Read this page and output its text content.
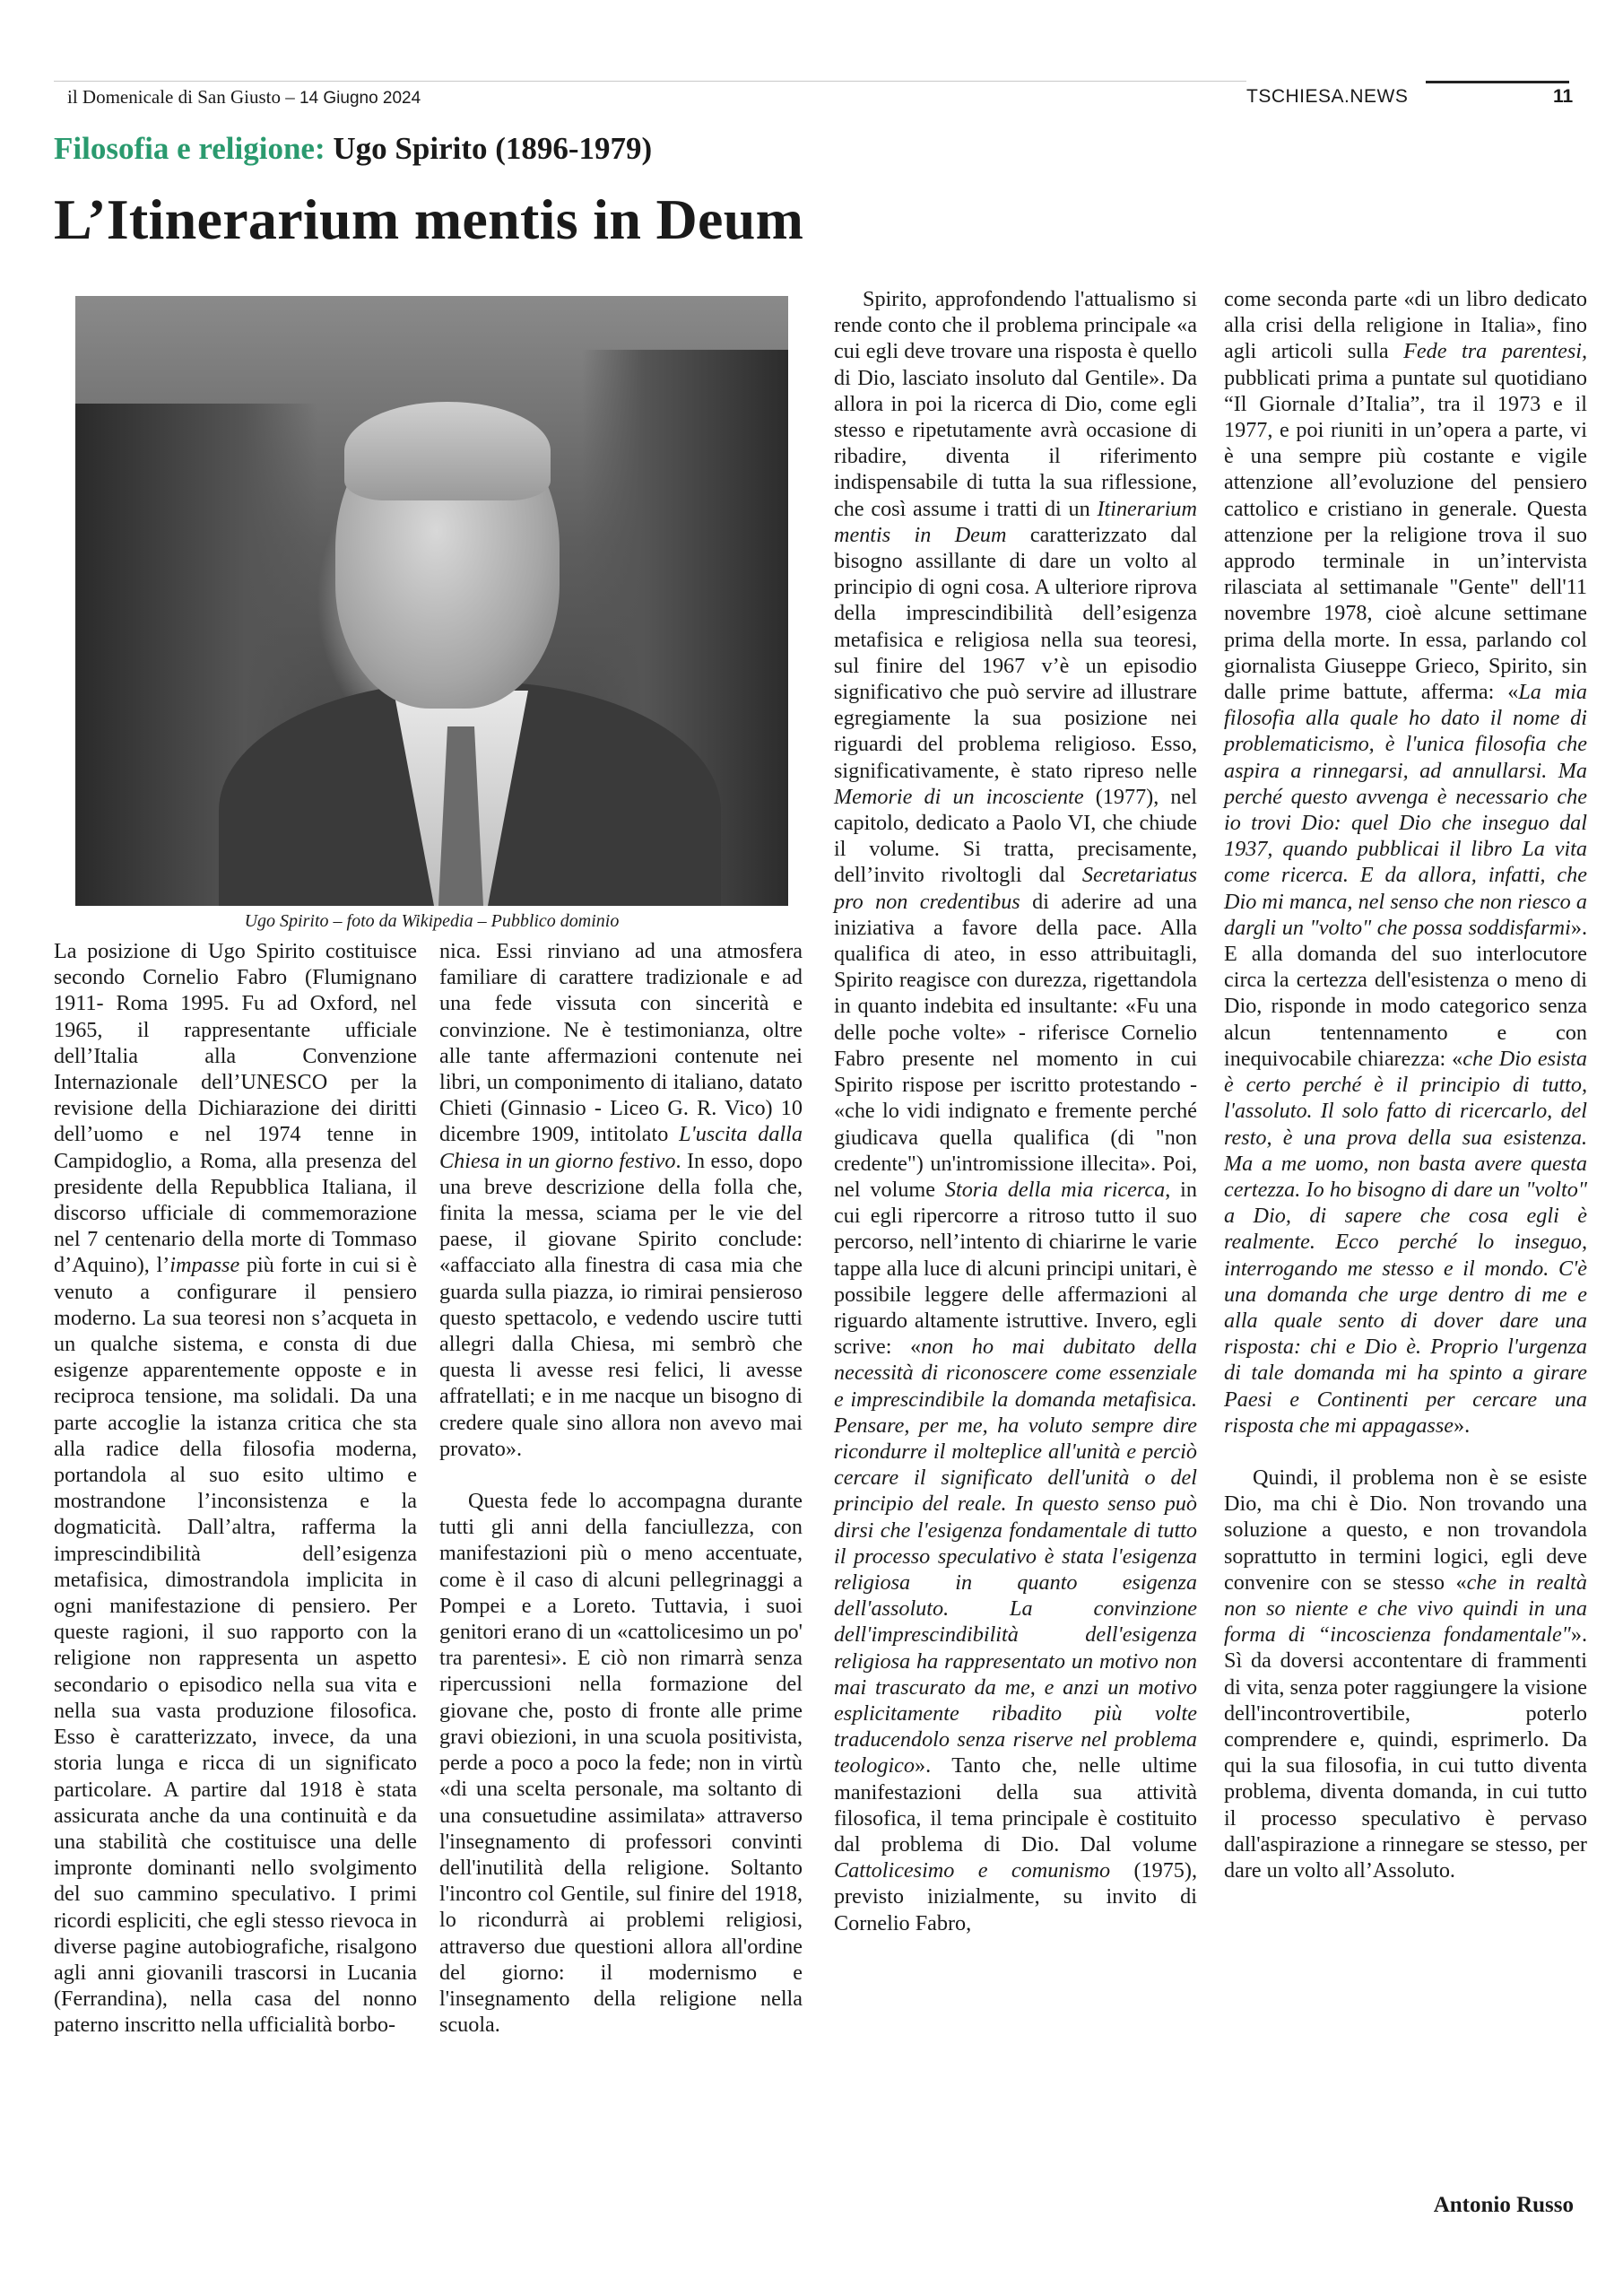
il Domenicale di San Giusto – 14 Giugno 2024	TSCHIESA.NEWS	11
Filosofia e religione: Ugo Spirito (1896-1979)
L’Itinerarium mentis in Deum
Ugo Spirito – foto da Wikipedia – Pubblico dominio

La posizione di Ugo Spirito costituisce secondo Cornelio Fabro (Flumignano 1911- Roma 1995. Fu ad Oxford, nel 1965, il rappresentante ufficiale dell’Italia alla Convenzione Internazionale dell’UNESCO per la revisione della Dichiarazione dei diritti dell’uomo e nel 1974 tenne in Campidoglio, a Roma, alla presenza del presidente della Repubblica Italiana, il discorso ufficiale di commemorazione nel 7 centenario della morte di Tommaso d’Aquino), l’impasse più forte in cui si è venuto a configurare il pensiero moderno. La sua teoresi non s’acqueta in un qualche sistema, e consta di due esigenze apparentemente opposte e in reciproca tensione, ma solidali. Da una parte accoglie la istanza critica che sta alla radice della filosofia moderna, portandola al suo esito ultimo e mostrandone l’inconsistenza e la dogmaticità. Dall’altra, rafferma la imprescindibilità dell’esigenza metafisica, dimostrandola implicita in ogni manifestazione di pensiero. Per queste ragioni, il suo rapporto con la religione non rappresenta un aspetto secondario o episodico nella sua vita e nella sua vasta produzione filosofica. Esso è caratterizzato, invece, da una storia lunga e ricca di un significato particolare. A partire dal 1918 è stata assicurata anche da una continuità e da una stabilità che costituisce una delle impronte dominanti nello svolgimento del suo cammino speculativo. I primi ricordi espliciti, che egli stesso rievoca in diverse pagine autobiografiche, risalgono agli anni giovanili trascorsi in Lucania (Ferrandina), nella casa del nonno paterno inscritto nella ufficialità borbo-

nica. Essi rinviano ad una atmosfera familiare di carattere tradizionale e ad una fede vissuta con sincerità e convinzione. Ne è testimonianza, oltre alle tante affermazioni contenute nei libri, un componimento di italiano, datato Chieti (Ginnasio - Liceo G. R. Vico) 10 dicembre 1909, intitolato L'uscita dalla Chiesa in un giorno festivo. In esso, dopo una breve descrizione della folla che, finita la messa, sciama per le vie del paese, il giovane Spirito conclude: «affacciato alla finestra di casa mia che guarda sulla piazza, io rimirai pensieroso questo spettacolo, e vedendo uscire tutti allegri dalla Chiesa, mi sembrò che questa li avesse resi felici, li avesse affratellati; e in me nacque un bisogno di credere quale sino allora non avevo mai provato».

Questa fede lo accompagna durante tutti gli anni della fanciullezza, con manifestazioni più o meno accentuate, come è il caso di alcuni pellegrinaggi a Pompei e a Loreto. Tuttavia, i suoi genitori erano di un «cattolicesimo un po' tra parentesi». E ciò non rimarrà senza ripercussioni nella formazione del giovane che, posto di fronte alle prime gravi obiezioni, in una scuola positivista, perde a poco a poco la fede; non in virtù «di una scelta personale, ma soltanto di una consuetudine assimilata» attraverso l'insegnamento di professori convinti dell'inutilità della religione. Soltanto l'incontro col Gentile, sul finire del 1918, lo ricondurrà ai problemi religiosi, attraverso due questioni allora all'ordine del giorno: il modernismo e l'insegnamento della religione nella scuola.

Spirito, approfondendo l'attualismo si rende conto che il problema principale «a cui egli deve trovare una risposta è quello di Dio, lasciato insoluto dal Gentile». Da allora in poi la ricerca di Dio, come egli stesso e ripetutamente avrà occasione di ribadire, diventa il riferimento indispensabile di tutta la sua riflessione, che così assume i tratti di un Itinerarium mentis in Deum caratterizzato dal bisogno assillante di dare un volto al principio di ogni cosa. A ulteriore riprova della imprescindibilità dell’esigenza metafisica e religiosa nella sua teoresi, sul finire del 1967 v’è un episodio significativo che può servire ad illustrare egregiamente la sua posizione nei riguardi del problema religioso. Esso, significativamente, è stato ripreso nelle Memorie di un incosciente (1977), nel capitolo, dedicato a Paolo VI, che chiude il volume. Si tratta, precisamente, dell’invito rivoltogli dal Secretariatus pro non credentibus di aderire ad una iniziativa a favore della pace. Alla qualifica di ateo, in esso attribuitagli, Spirito reagisce con durezza, rigettandola in quanto indebita ed insultante: «Fu una delle poche volte» - riferisce Cornelio Fabro presente nel momento in cui Spirito rispose per iscritto protestando - «che lo vidi indignato e fremente perché giudicava quella qualifica (di "non credente") un'intromissione illecita». Poi, nel volume Storia della mia ricerca, in cui egli ripercorre a ritroso tutto il suo percorso, nell’intento di chiarirne le varie tappe alla luce di alcuni principi unitari, è possibile leggere delle affermazioni al riguardo altamente istruttive. Invero, egli scrive: «non ho mai dubitato della necessità di riconoscere come essenziale e imprescindibile la domanda metafisica. Pensare, per me, ha voluto sempre dire ricondurre il molteplice all'unità e perciò cercare il significato dell'unità o del principio del reale. In questo senso può dirsi che l'esigenza fondamentale di tutto il processo speculativo è stata l'esigenza religiosa in quanto esigenza dell'assoluto. La convinzione dell'imprescindibilità dell'esigenza religiosa ha rappresentato un motivo non mai trascurato da me, e anzi un motivo esplicitamente ribadito più volte traducendolo senza riserve nel problema teologico». Tanto che, nelle ultime manifestazioni della sua attività filosofica, il tema principale è costituito dal problema di Dio. Dal volume Cattolicesimo e comunismo (1975), previsto inizialmente, su invito di Cornelio Fabro,

come seconda parte «di un libro dedicato alla crisi della religione in Italia», fino agli articoli sulla Fede tra parentesi, pubblicati prima a puntate sul quotidiano “Il Giornale d’Italia”, tra il 1973 e il 1977, e poi riuniti in un’opera a parte, vi è una sempre più costante e vigile attenzione all’evoluzione del pensiero cattolico e cristiano in generale. Questa attenzione per la religione trova il suo approdo terminale in un’intervista rilasciata al settimanale "Gente" dell'11 novembre 1978, cioè alcune settimane prima della morte. In essa, parlando col giornalista Giuseppe Grieco, Spirito, sin dalle prime battute, afferma: «La mia filosofia alla quale ho dato il nome di problematicismo, è l'unica filosofia che aspira a rinnegarsi, ad annullarsi. Ma perché questo avvenga è necessario che io trovi Dio: quel Dio che inseguo dal 1937, quando pubblicai il libro La vita come ricerca. E da allora, infatti, che Dio mi manca, nel senso che non riesco a dargli un "volto" che possa soddisfarmi». E alla domanda del suo interlocutore circa la certezza dell'esistenza o meno di Dio, risponde in modo categorico senza alcun tentennamento e con inequivocabile chiarezza: «che Dio esista è certo perché è il principio di tutto, l'assoluto. Il solo fatto di ricercarlo, del resto, è una prova della sua esistenza. Ma a me uomo, non basta avere questa certezza. Io ho bisogno di dare un "volto" a Dio, di sapere che cosa egli è realmente. Ecco perché lo inseguo, interrogando me stesso e il mondo. C'è una domanda che urge dentro di me e alla quale sento di dover dare una risposta: chi e Dio è. Proprio l'urgenza di tale domanda mi ha spinto a girare Paesi e Continenti per cercare una risposta che mi appagasse».

Quindi, il problema non è se esiste Dio, ma chi è Dio. Non trovando una soluzione a questo, e non trovandola soprattutto in termini logici, egli deve convenire con se stesso «che in realtà non so niente e che vivo quindi in una forma di “incoscienza fondamentale"». Sì da doversi accontentare di frammenti di vita, senza poter raggiungere la visione dell'incontrovertibile, poterlo comprendere e, quindi, esprimerlo. Da qui la sua filosofia, in cui tutto diventa problema, diventa domanda, in cui tutto il processo speculativo è pervaso dall'aspirazione a rinnegare se stesso, per dare un volto all’Assoluto.

Antonio Russo
